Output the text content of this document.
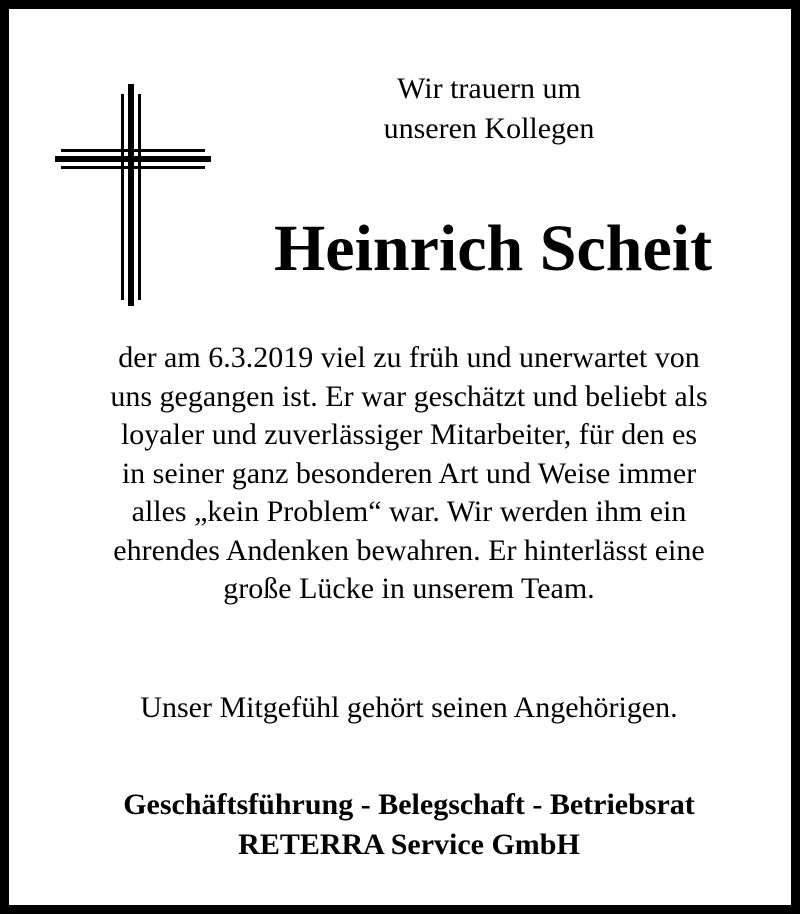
Wir trauern um
unseren Kollegen
Heinrich Scheit
der am 6.3.2019 viel zu früh und unerwartet von
uns gegangen ist. Er war geschätzt und beliebt als
loyaler und zuverlässiger Mitarbeiter, für den es
in seiner ganz besonderen Art und Weise immer
alles „kein Problem“ war. Wir werden ihm ein
ehrendes Andenken bewahren. Er hinterlässt eine
große Lücke in unserem Team.
Unser Mitgefühl gehört seinen Angehörigen.
Geschäftsführung - Belegschaft - Betriebsrat
RETERRA Service GmbH
